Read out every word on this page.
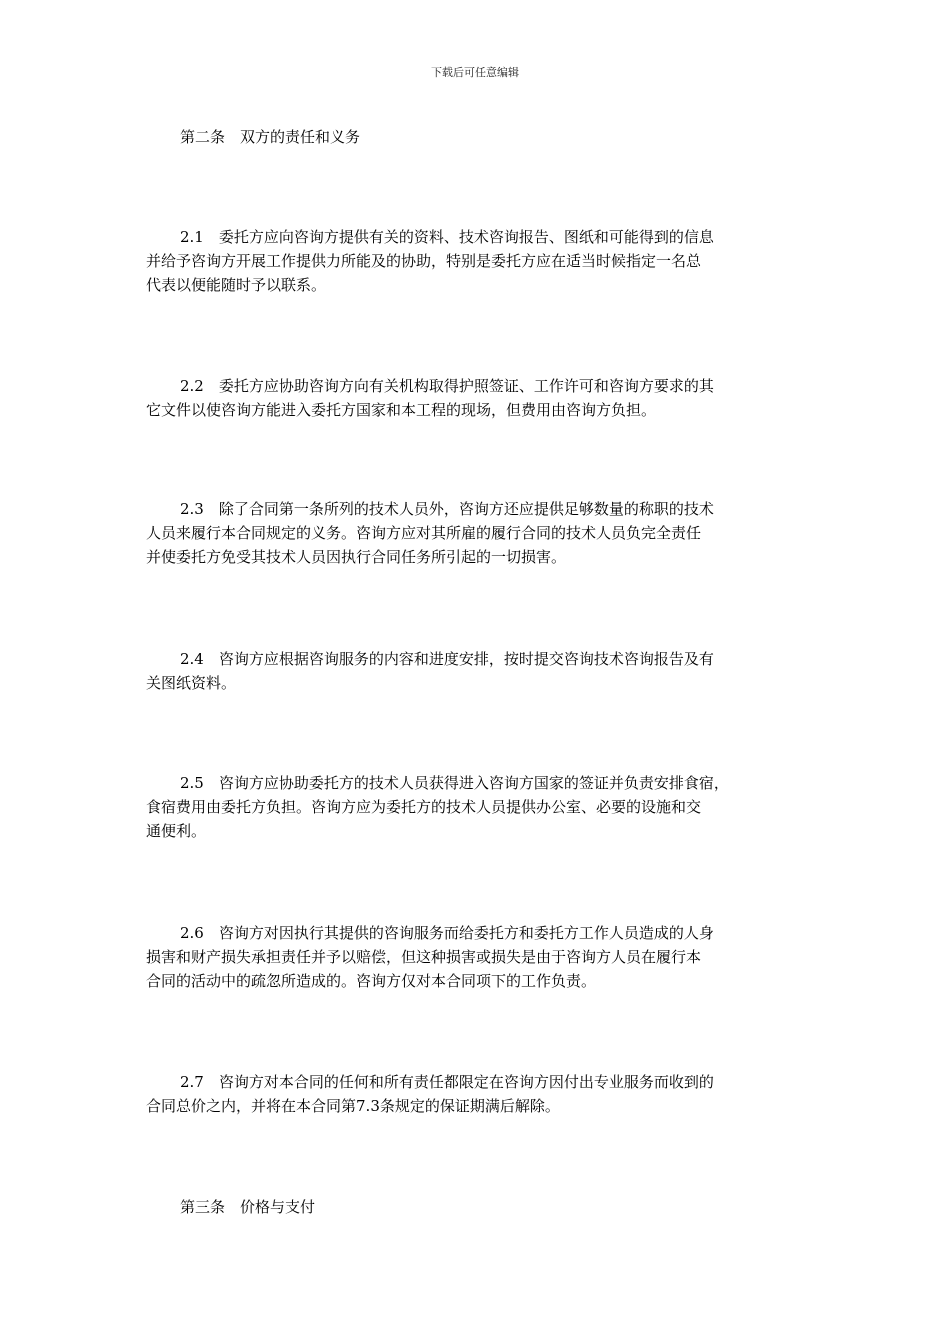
下载后可任意编辑
第二条　双方的责任和义务
2.1　委托方应向咨询方提供有关的资料、技术咨询报告、图纸和可能得到的信息
并给予咨询方开展工作提供力所能及的协助，特别是委托方应在适当时候指定一名总
代表以便能随时予以联系。
2.2　委托方应协助咨询方向有关机构取得护照签证、工作许可和咨询方要求的其
它文件以使咨询方能进入委托方国家和本工程的现场，但费用由咨询方负担。
2.3　除了合同第一条所列的技术人员外，咨询方还应提供足够数量的称职的技术
人员来履行本合同规定的义务。咨询方应对其所雇的履行合同的技术人员负完全责任
并使委托方免受其技术人员因执行合同任务所引起的一切损害。
2.4　咨询方应根据咨询服务的内容和进度安排，按时提交咨询技术咨询报告及有
关图纸资料。
2.5　咨询方应协助委托方的技术人员获得进入咨询方国家的签证并负责安排食宿，
食宿费用由委托方负担。咨询方应为委托方的技术人员提供办公室、必要的设施和交
通便利。
2.6　咨询方对因执行其提供的咨询服务而给委托方和委托方工作人员造成的人身
损害和财产损失承担责任并予以赔偿，但这种损害或损失是由于咨询方人员在履行本
合同的活动中的疏忽所造成的。咨询方仅对本合同项下的工作负责。
2.7　咨询方对本合同的任何和所有责任都限定在咨询方因付出专业服务而收到的
合同总价之内，并将在本合同第7.3条规定的保证期满后解除。
第三条　价格与支付
